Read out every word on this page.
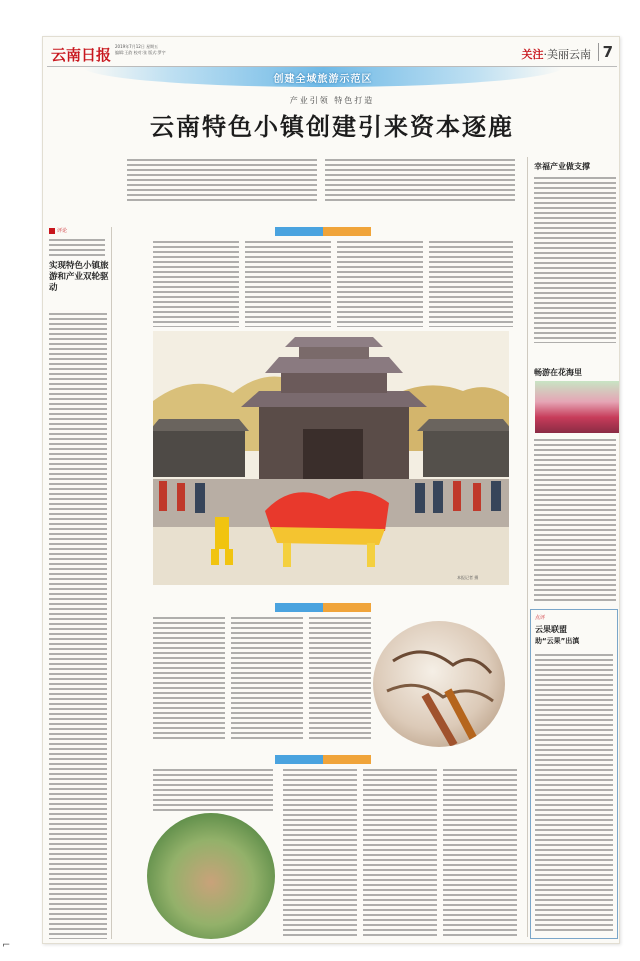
云南日报 2019年7月12日 星期五
编辑:王韵 校对:张 版式:罗宇	关注·美丽云南 7
创建全域旅游示范区
产业引领 特色打造
云南特色小镇创建引来资本逐鹿
幸福产业做支撑
评论
实现特色小镇旅游和产业双轮驱动
本报记者 摄
畅游在花海里
点评
云果联盟
助“云果”出滇
⌐
